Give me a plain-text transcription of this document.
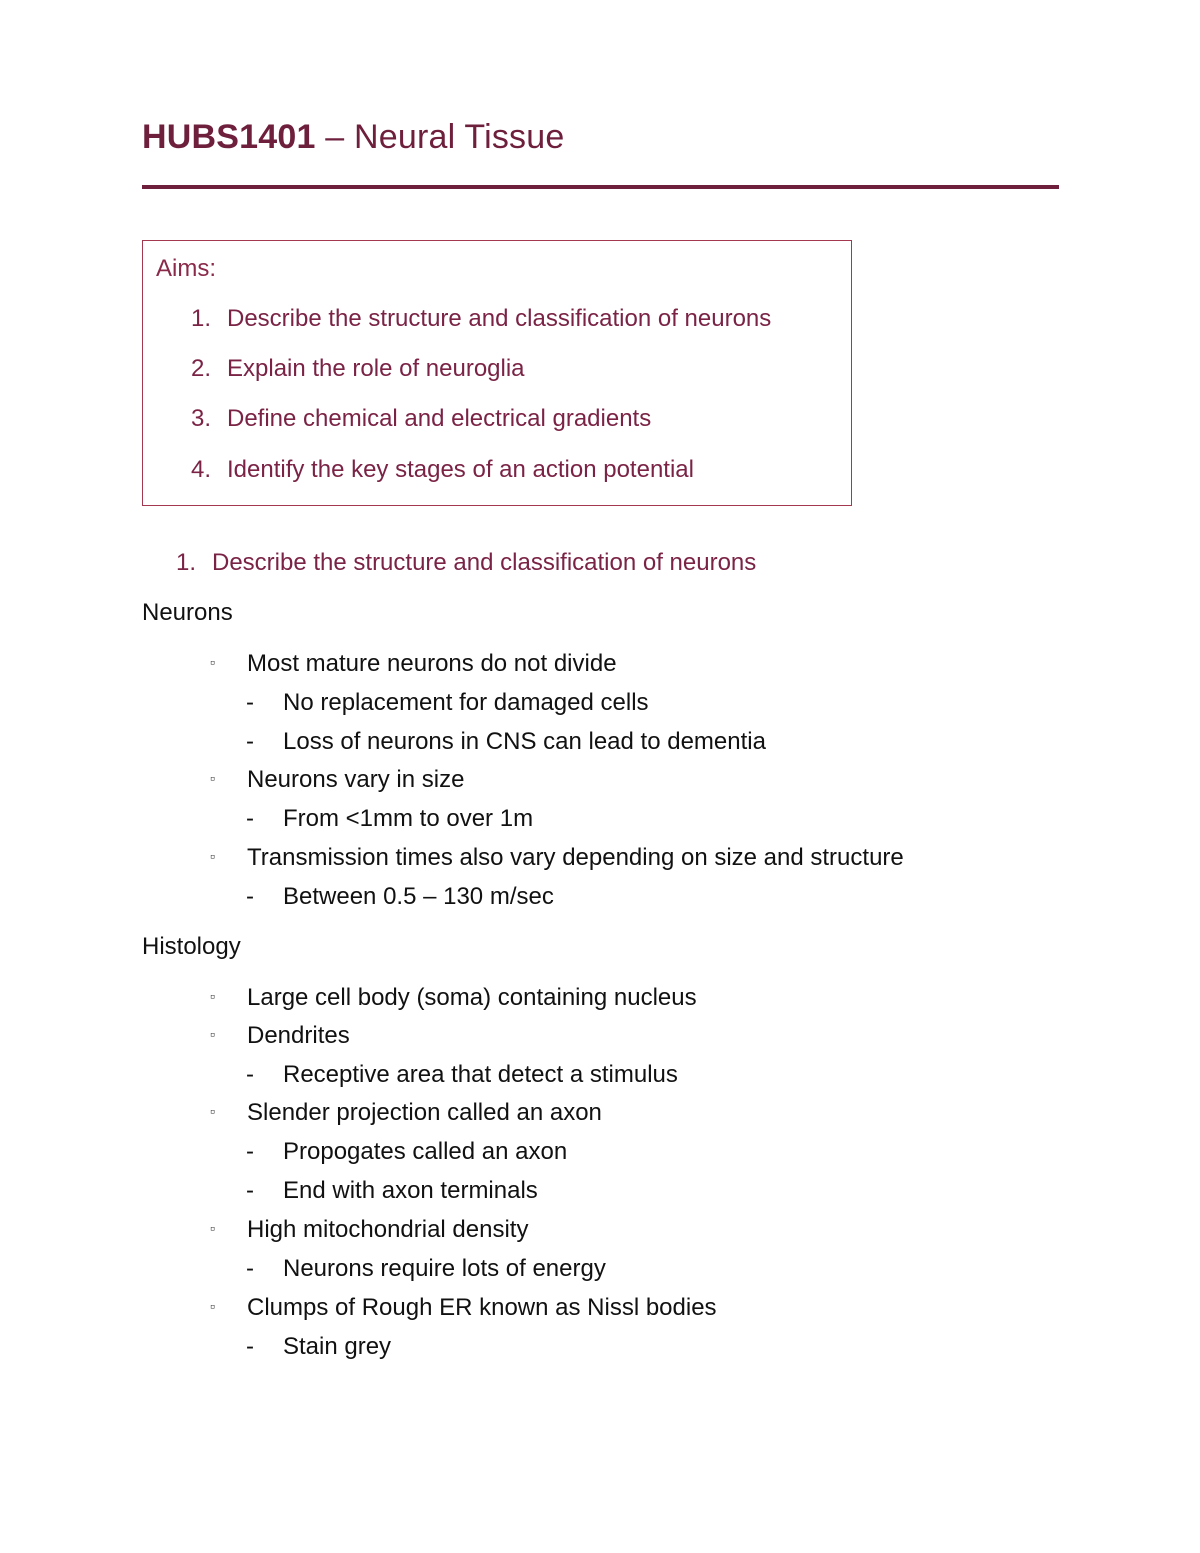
HUBS1401 – Neural Tissue
Aims:
1. Describe the structure and classification of neurons
2. Explain the role of neuroglia
3. Define chemical and electrical gradients
4. Identify the key stages of an action potential
1. Describe the structure and classification of neurons
Neurons
▫ Most mature neurons do not divide
- No replacement for damaged cells
- Loss of neurons in CNS can lead to dementia
▫ Neurons vary in size
- From <1mm to over 1m
▫ Transmission times also vary depending on size and structure
- Between 0.5 – 130 m/sec
Histology
▫ Large cell body (soma) containing nucleus
▫ Dendrites
- Receptive area that detect a stimulus
▫ Slender projection called an axon
- Propogates called an axon
- End with axon terminals
▫ High mitochondrial density
- Neurons require lots of energy
▫ Clumps of Rough ER known as Nissl bodies
- Stain grey
